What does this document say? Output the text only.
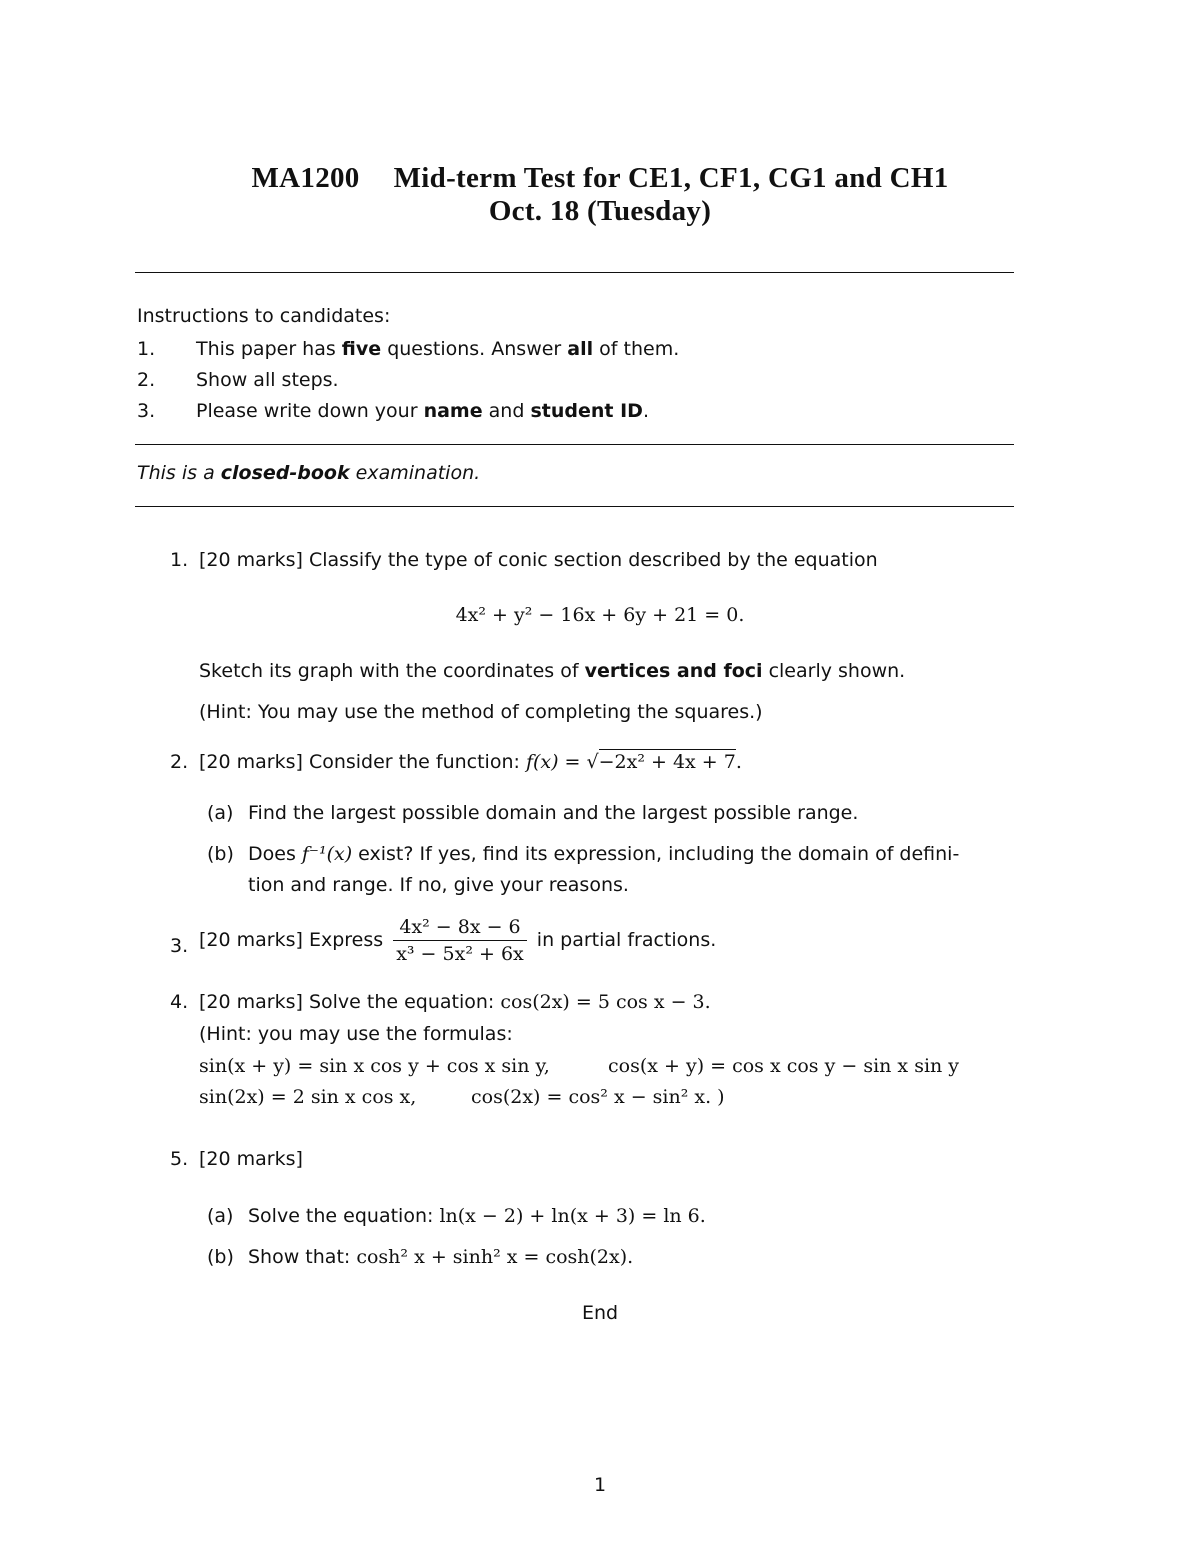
MA1200 Mid-term Test for CE1, CF1, CG1 and CH1
Oct. 18 (Tuesday)
Instructions to candidates:
1. This paper has five questions. Answer all of them.
2. Show all steps.
3. Please write down your name and student ID.
This is a closed-book examination.
1. [20 marks] Classify the type of conic section described by the equation
4x² + y² − 16x + 6y + 21 = 0.
Sketch its graph with the coordinates of vertices and foci clearly shown.
(Hint: You may use the method of completing the squares.)
2. [20 marks] Consider the function: f(x) = √−2x² + 4x + 7.
(a) Find the largest possible domain and the largest possible range.
(b) Does f⁻¹(x) exist? If yes, find its expression, including the domain of defini-
tion and range. If no, give your reasons.
3. [20 marks] Express $\frac{\text{4x² − 8x − 6}}{\text{x³ − 5x² + 6x}}$ in partial fractions.
4. [20 marks] Solve the equation: cos(2x) = 5 cos x − 3.
(Hint: you may use the formulas:
sin(x + y) = sin x cos y + cos x sin y,	cos(x + y) = cos x cos y − sin x sin y
sin(2x) = 2 sin x cos x,	cos(2x) = cos² x − sin² x. )
5. [20 marks]
(a) Solve the equation: ln(x − 2) + ln(x + 3) = ln 6.
(b) Show that: cosh² x + sinh² x = cosh(2x).
End
1
